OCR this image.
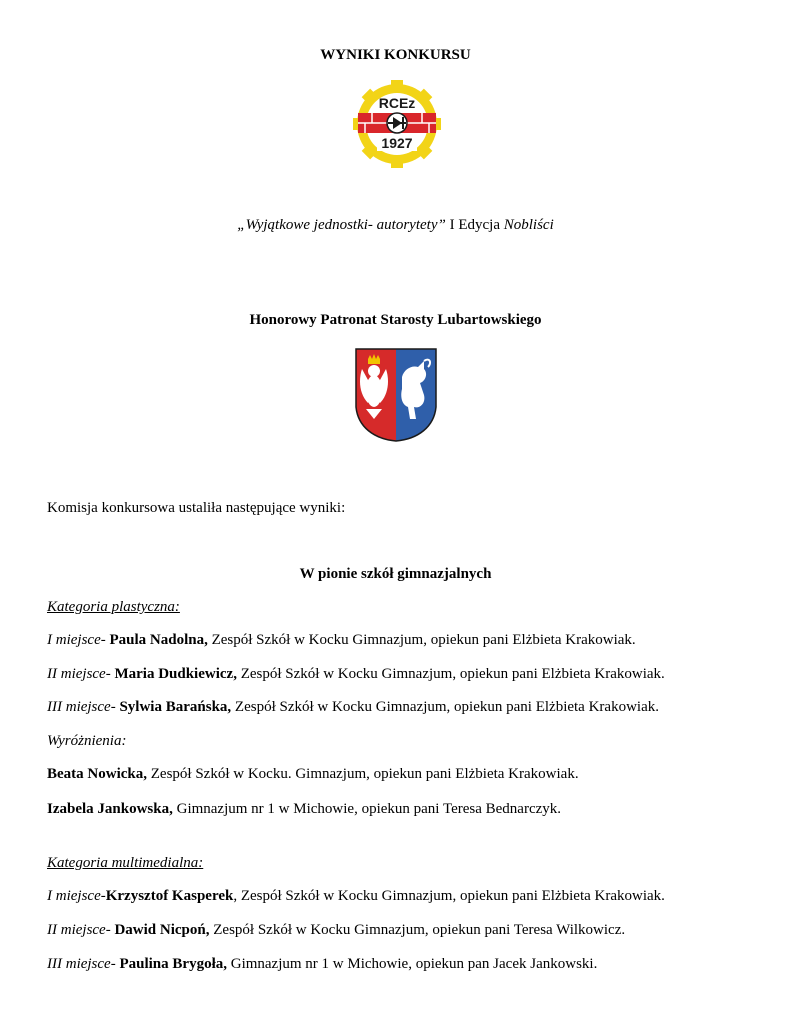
WYNIKI KONKURSU
RCEz
1927
„Wyjątkowe jednostki- autorytety” I Edycja Nobliści
Honorowy Patronat Starosty Lubartowskiego
Komisja konkursowa ustaliła następujące wyniki:
W pionie szkół gimnazjalnych
Kategoria plastyczna:
I miejsce- Paula Nadolna, Zespół Szkół w Kocku Gimnazjum, opiekun pani Elżbieta Krakowiak.
II miejsce- Maria Dudkiewicz, Zespół Szkół w Kocku Gimnazjum, opiekun pani Elżbieta Krakowiak.
III miejsce- Sylwia Barańska, Zespół Szkół w Kocku Gimnazjum, opiekun pani Elżbieta Krakowiak.
Wyróżnienia:
Beata Nowicka, Zespół Szkół w Kocku. Gimnazjum, opiekun pani Elżbieta Krakowiak.
Izabela Jankowska, Gimnazjum nr 1 w Michowie, opiekun pani Teresa Bednarczyk.
Kategoria multimedialna:
I miejsce-Krzysztof Kasperek, Zespół Szkół w Kocku Gimnazjum, opiekun pani Elżbieta Krakowiak.
II miejsce- Dawid Nicpoń, Zespół Szkół w Kocku Gimnazjum, opiekun pani Teresa Wilkowicz.
III miejsce- Paulina Brygoła, Gimnazjum nr 1 w Michowie, opiekun pan Jacek Jankowski.
